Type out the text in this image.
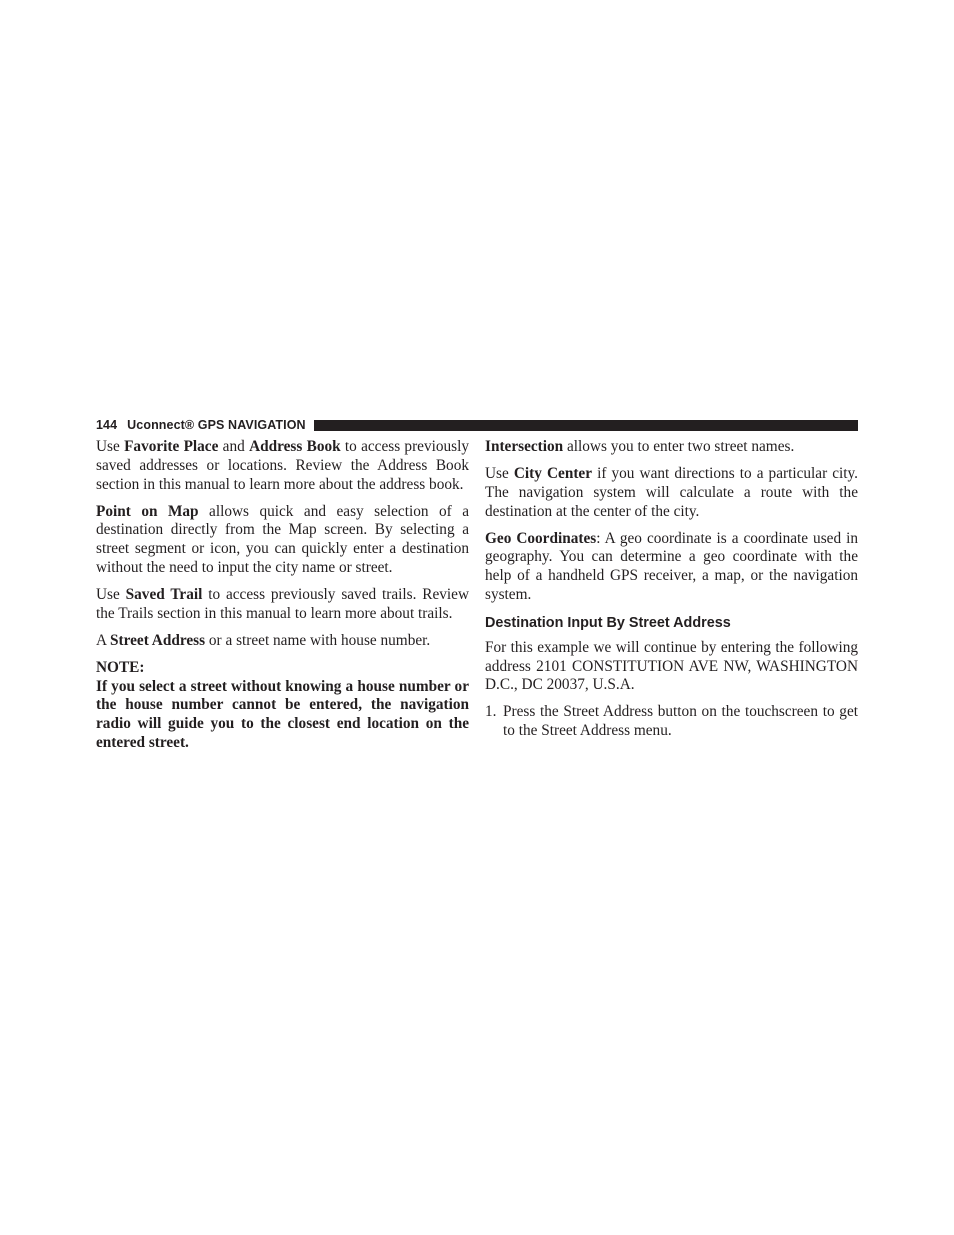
144 Uconnect® GPS NAVIGATION

Use Favorite Place and Address Book to access previously saved addresses or locations. Review the Address Book section in this manual to learn more about the address book.

Point on Map allows quick and easy selection of a destination directly from the Map screen. By selecting a street segment or icon, you can quickly enter a destination without the need to input the city name or street.

Use Saved Trail to access previously saved trails. Review the Trails section in this manual to learn more about trails.

A Street Address or a street name with house number.

NOTE:
If you select a street without knowing a house number or the house number cannot be entered, the navigation radio will guide you to the closest end location on the entered street.

Intersection allows you to enter two street names.

Use City Center if you want directions to a particular city. The navigation system will calculate a route with the destination at the center of the city.

Geo Coordinates: A geo coordinate is a coordinate used in geography. You can determine a geo coordinate with the help of a handheld GPS receiver, a map, or the navigation system.

Destination Input By Street Address

For this example we will continue by entering the following address 2101 CONSTITUTION AVE NW, WASHINGTON D.C., DC 20037, U.S.A.

1. Press the Street Address button on the touchscreen to get to the Street Address menu.
